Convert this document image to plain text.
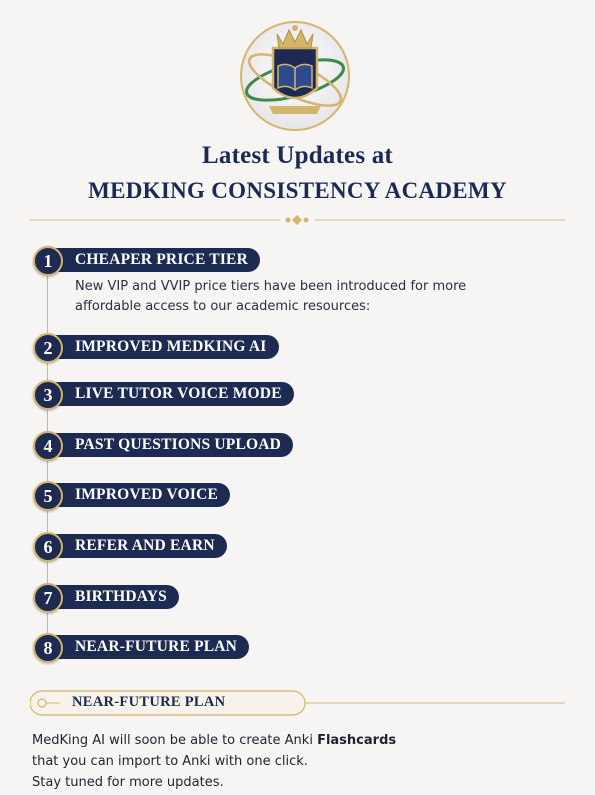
Latest Updates at
MEDKING CONSISTENCY ACADEMY
CHEAPER PRICE TIER
1
New VIP and VVIP price tiers have been introduced for more
affordable access to our academic resources:
IMPROVED MEDKING AI
2
LIVE TUTOR VOICE MODE
3
PAST QUESTIONS UPLOAD
4
IMPROVED VOICE
5
REFER AND EARN
6
BIRTHDAYS
7
NEAR-FUTURE PLAN
8
NEAR-FUTURE PLAN
MedKing AI will soon be able to create Anki Flashcards
that you can import to Anki with one click.
Stay tuned for more updates.
